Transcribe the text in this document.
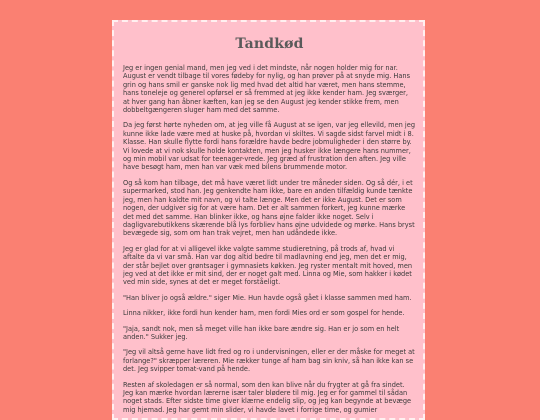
Tandkød

Jeg er ingen genial mand, men jeg ved i det mindste, når nogen holder mig for nar. August er vendt tilbage til vores fødeby for nylig, og han prøver på at snyde mig. Hans grin og hans smil er ganske nok lig med hvad det altid har været, men hans stemme, hans toneleje og generel opførsel er så fremmed at jeg ikke kender ham. Jeg sværger, at hver gang han åbner kæften, kan jeg se den August jeg kender stikke frem, men dobbeltgængeren sluger ham med det samme.

Da jeg først hørte nyheden om, at jeg ville få August at se igen, var jeg ellevild, men jeg kunne ikke lade være med at huske på, hvordan vi skiltes. Vi sagde sidst farvel midt i 8. Klasse. Han skulle flytte fordi hans forældre havde bedre jobmuligheder i den større by. Vi lovede at vi nok skulle holde kontakten, men jeg husker ikke længere hans nummer, og min mobil var udsat for teenager-vrede. Jeg græd af frustration den aften. Jeg ville have besøgt ham, men han var væk med bilens brummende motor.

Og så kom han tilbage, det må have været lidt under tre måneder siden. Og så dér, i et supermarked, stod han. Jeg genkendte ham ikke, bare en anden tilfældig kunde tænkte jeg, men han kaldte mit navn, og vi talte længe. Men det er ikke August. Det er som nogen, der udgiver sig for at være ham. Det er alt sammen forkert, jeg kunne mærke det med det samme. Han blinker ikke, og hans øjne falder ikke noget. Selv i dagligvarebutikkens skærende blå lys forbliev hans øjne udvidede og mørke. Hans bryst bevægede sig, som om han trak vejret, men han udåndede ikke.

Jeg er glad for at vi alligevel ikke valgte samme studieretning, på trods af, hvad vi aftalte da vi var små. Han var dog altid bedre til madlavning end jeg, men det er mig, der står bejlet over grøntsager i gymnasiets køkken. Jeg ryster mentalt mit hoved, men jeg ved at det ikke er mit sind, der er noget galt med. Linna og Mie, som hakker i kødet ved min side, synes at det er meget forståeligt.

"Han bliver jo også ældre." siger Mie. Hun havde også gået i klasse sammen med ham.

Linna nikker, ikke fordi hun kender ham, men fordi Mies ord er som gospel for hende.

"Jaja, sandt nok, men så meget ville han ikke bare ændre sig. Han er jo som en helt anden." Sukker jeg.

"Jeg vil altså gerne have lidt fred og ro i undervisningen, eller er der måske for meget at forlange?" skræpper læreren. Mie rækker tunge af ham bag sin kniv, så han ikke kan se det. Jeg svipper tomat-vand på hende.

Resten af skoledagen er så normal, som den kan blive når du frygter at gå fra sindet. Jeg kan mærke hvordan lærerne især taler blødere til mig. Jeg er for gammel til sådan noget stads. Efter sidste time giver klærne endelig slip, og jeg kan begynde at bevæge mig hjemad. Jeg har gemt min slider, vi havde lavet i forrige time, og gumier
